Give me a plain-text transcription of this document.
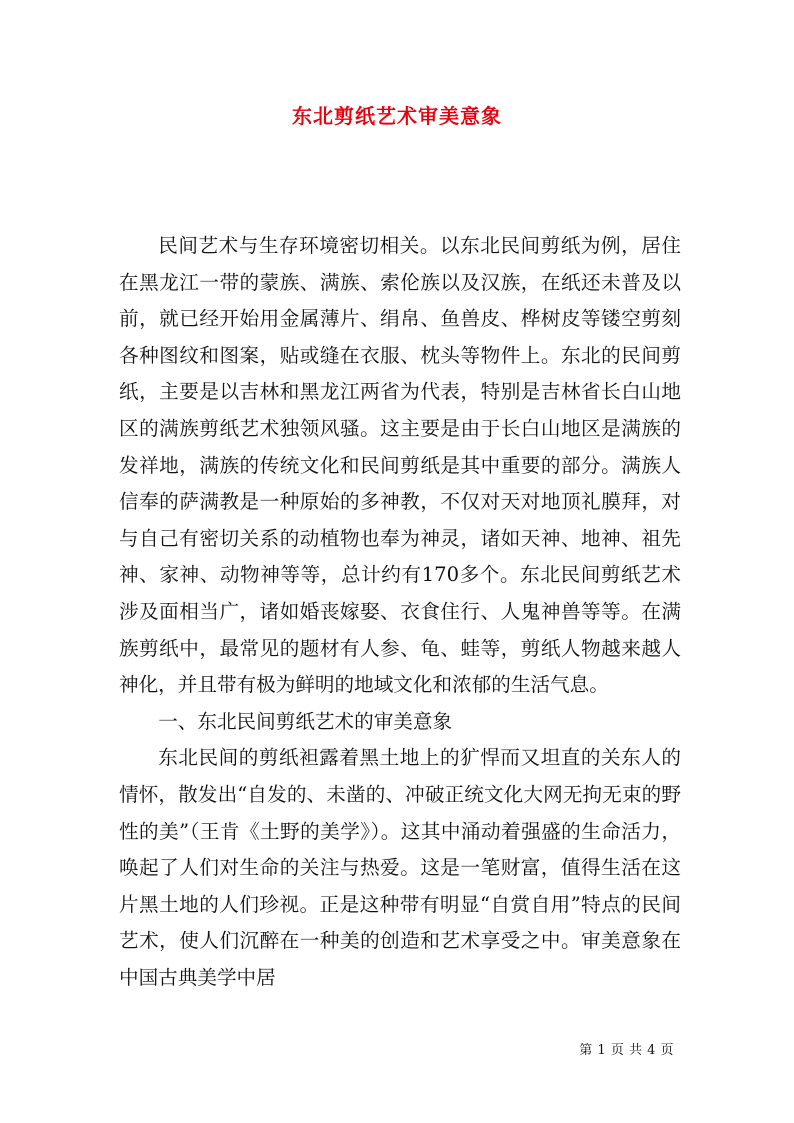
东北剪纸艺术审美意象

民间艺术与生存环境密切相关。以东北民间剪纸为例，居住在黑龙江一带的蒙族、满族、索伦族以及汉族，在纸还未普及以前，就已经开始用金属薄片、绢帛、鱼兽皮、桦树皮等镂空剪刻各种图纹和图案，贴或缝在衣服、枕头等物件上。东北的民间剪纸，主要是以吉林和黑龙江两省为代表，特别是吉林省长白山地区的满族剪纸艺术独领风骚。这主要是由于长白山地区是满族的发祥地，满族的传统文化和民间剪纸是其中重要的部分。满族人信奉的萨满教是一种原始的多神教，不仅对天对地顶礼膜拜，对与自己有密切关系的动植物也奉为神灵，诸如天神、地神、祖先神、家神、动物神等等，总计约有170多个。东北民间剪纸艺术涉及面相当广，诸如婚丧嫁娶、衣食住行、人鬼神兽等等。在满族剪纸中，最常见的题材有人参、龟、蛙等，剪纸人物越来越人神化，并且带有极为鲜明的地域文化和浓郁的生活气息。

一、东北民间剪纸艺术的审美意象

东北民间的剪纸袒露着黑土地上的犷悍而又坦直的关东人的情怀，散发出“自发的、未凿的、冲破正统文化大网无拘无束的野性的美”（王肯《土野的美学》）。这其中涌动着强盛的生命活力，唤起了人们对生命的关注与热爱。这是一笔财富，值得生活在这片黑土地的人们珍视。正是这种带有明显“自赏自用”特点的民间艺术，使人们沉醉在一种美的创造和艺术享受之中。审美意象在中国古典美学中居

第 1 页 共 4 页
